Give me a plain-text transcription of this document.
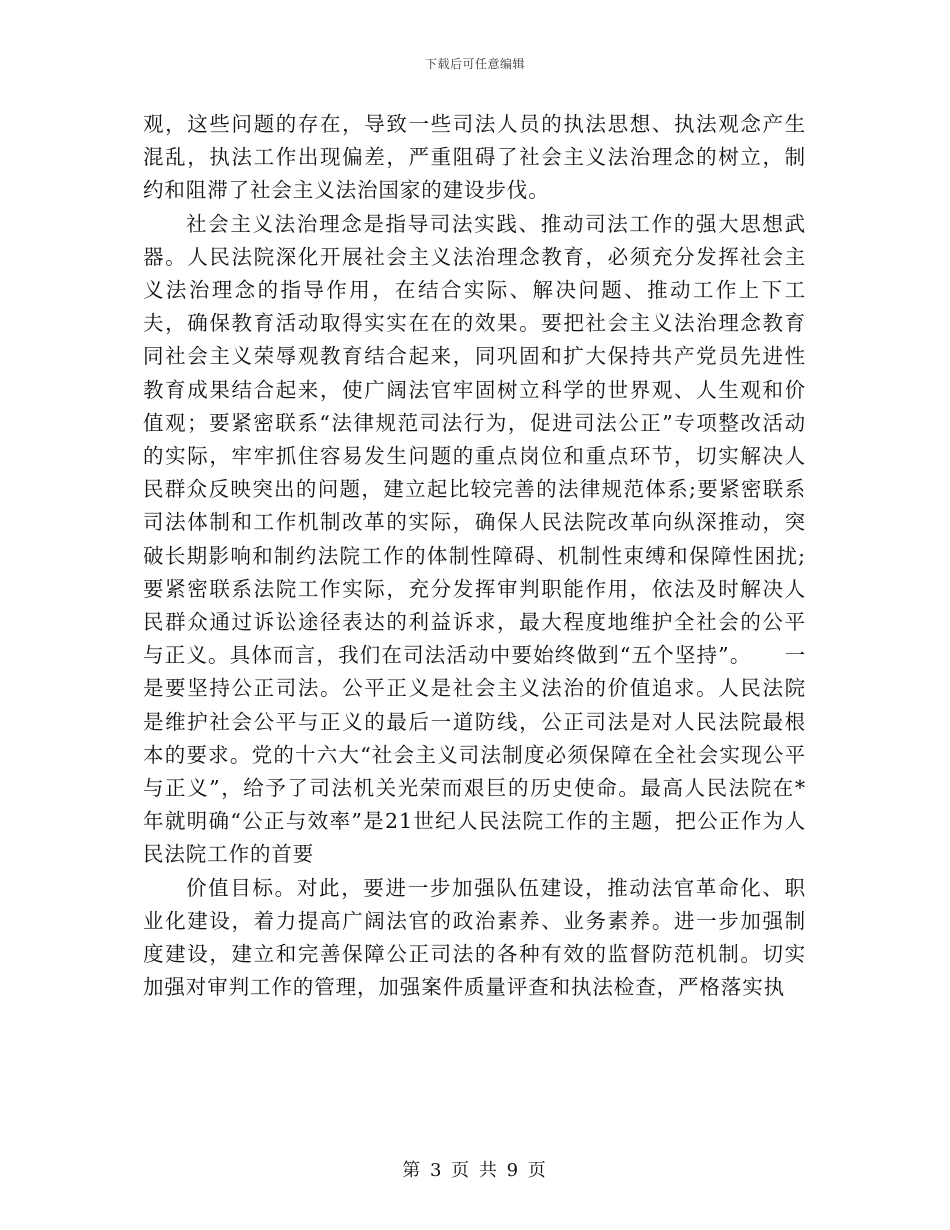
下载后可任意编辑

观，这些问题的存在，导致一些司法人员的执法思想、执法观念产生混乱，执法工作出现偏差，严重阻碍了社会主义法治理念的树立，制约和阻滞了社会主义法治国家的建设步伐。

社会主义法治理念是指导司法实践、推动司法工作的强大思想武器。人民法院深化开展社会主义法治理念教育，必须充分发挥社会主义法治理念的指导作用，在结合实际、解决问题、推动工作上下工夫，确保教育活动取得实实在在的效果。要把社会主义法治理念教育同社会主义荣辱观教育结合起来，同巩固和扩大保持共产党员先进性教育成果结合起来，使广阔法官牢固树立科学的世界观、人生观和价值观；要紧密联系“法律规范司法行为，促进司法公正”专项整改活动的实际，牢牢抓住容易发生问题的重点岗位和重点环节，切实解决人民群众反映突出的问题，建立起比较完善的法律规范体系;要紧密联系司法体制和工作机制改革的实际，确保人民法院改革向纵深推动，突破长期影响和制约法院工作的体制性障碍、机制性束缚和保障性困扰;要紧密联系法院工作实际，充分发挥审判职能作用，依法及时解决人民群众通过诉讼途径表达的利益诉求，最大程度地维护全社会的公平与正义。具体而言，我们在司法活动中要始终做到“五个坚持”。　　一是要坚持公正司法。公平正义是社会主义法治的价值追求。人民法院是维护社会公平与正义的最后一道防线，公正司法是对人民法院最根本的要求。党的十六大“社会主义司法制度必须保障在全社会实现公平与正义”，给予了司法机关光荣而艰巨的历史使命。最高人民法院在*年就明确“公正与效率”是21世纪人民法院工作的主题，把公正作为人民法院工作的首要

价值目标。对此，要进一步加强队伍建设，推动法官革命化、职业化建设，着力提高广阔法官的政治素养、业务素养。进一步加强制度建设，建立和完善保障公正司法的各种有效的监督防范机制。切实加强对审判工作的管理，加强案件质量评查和执法检查，严格落实执

第 3 页 共 9 页
